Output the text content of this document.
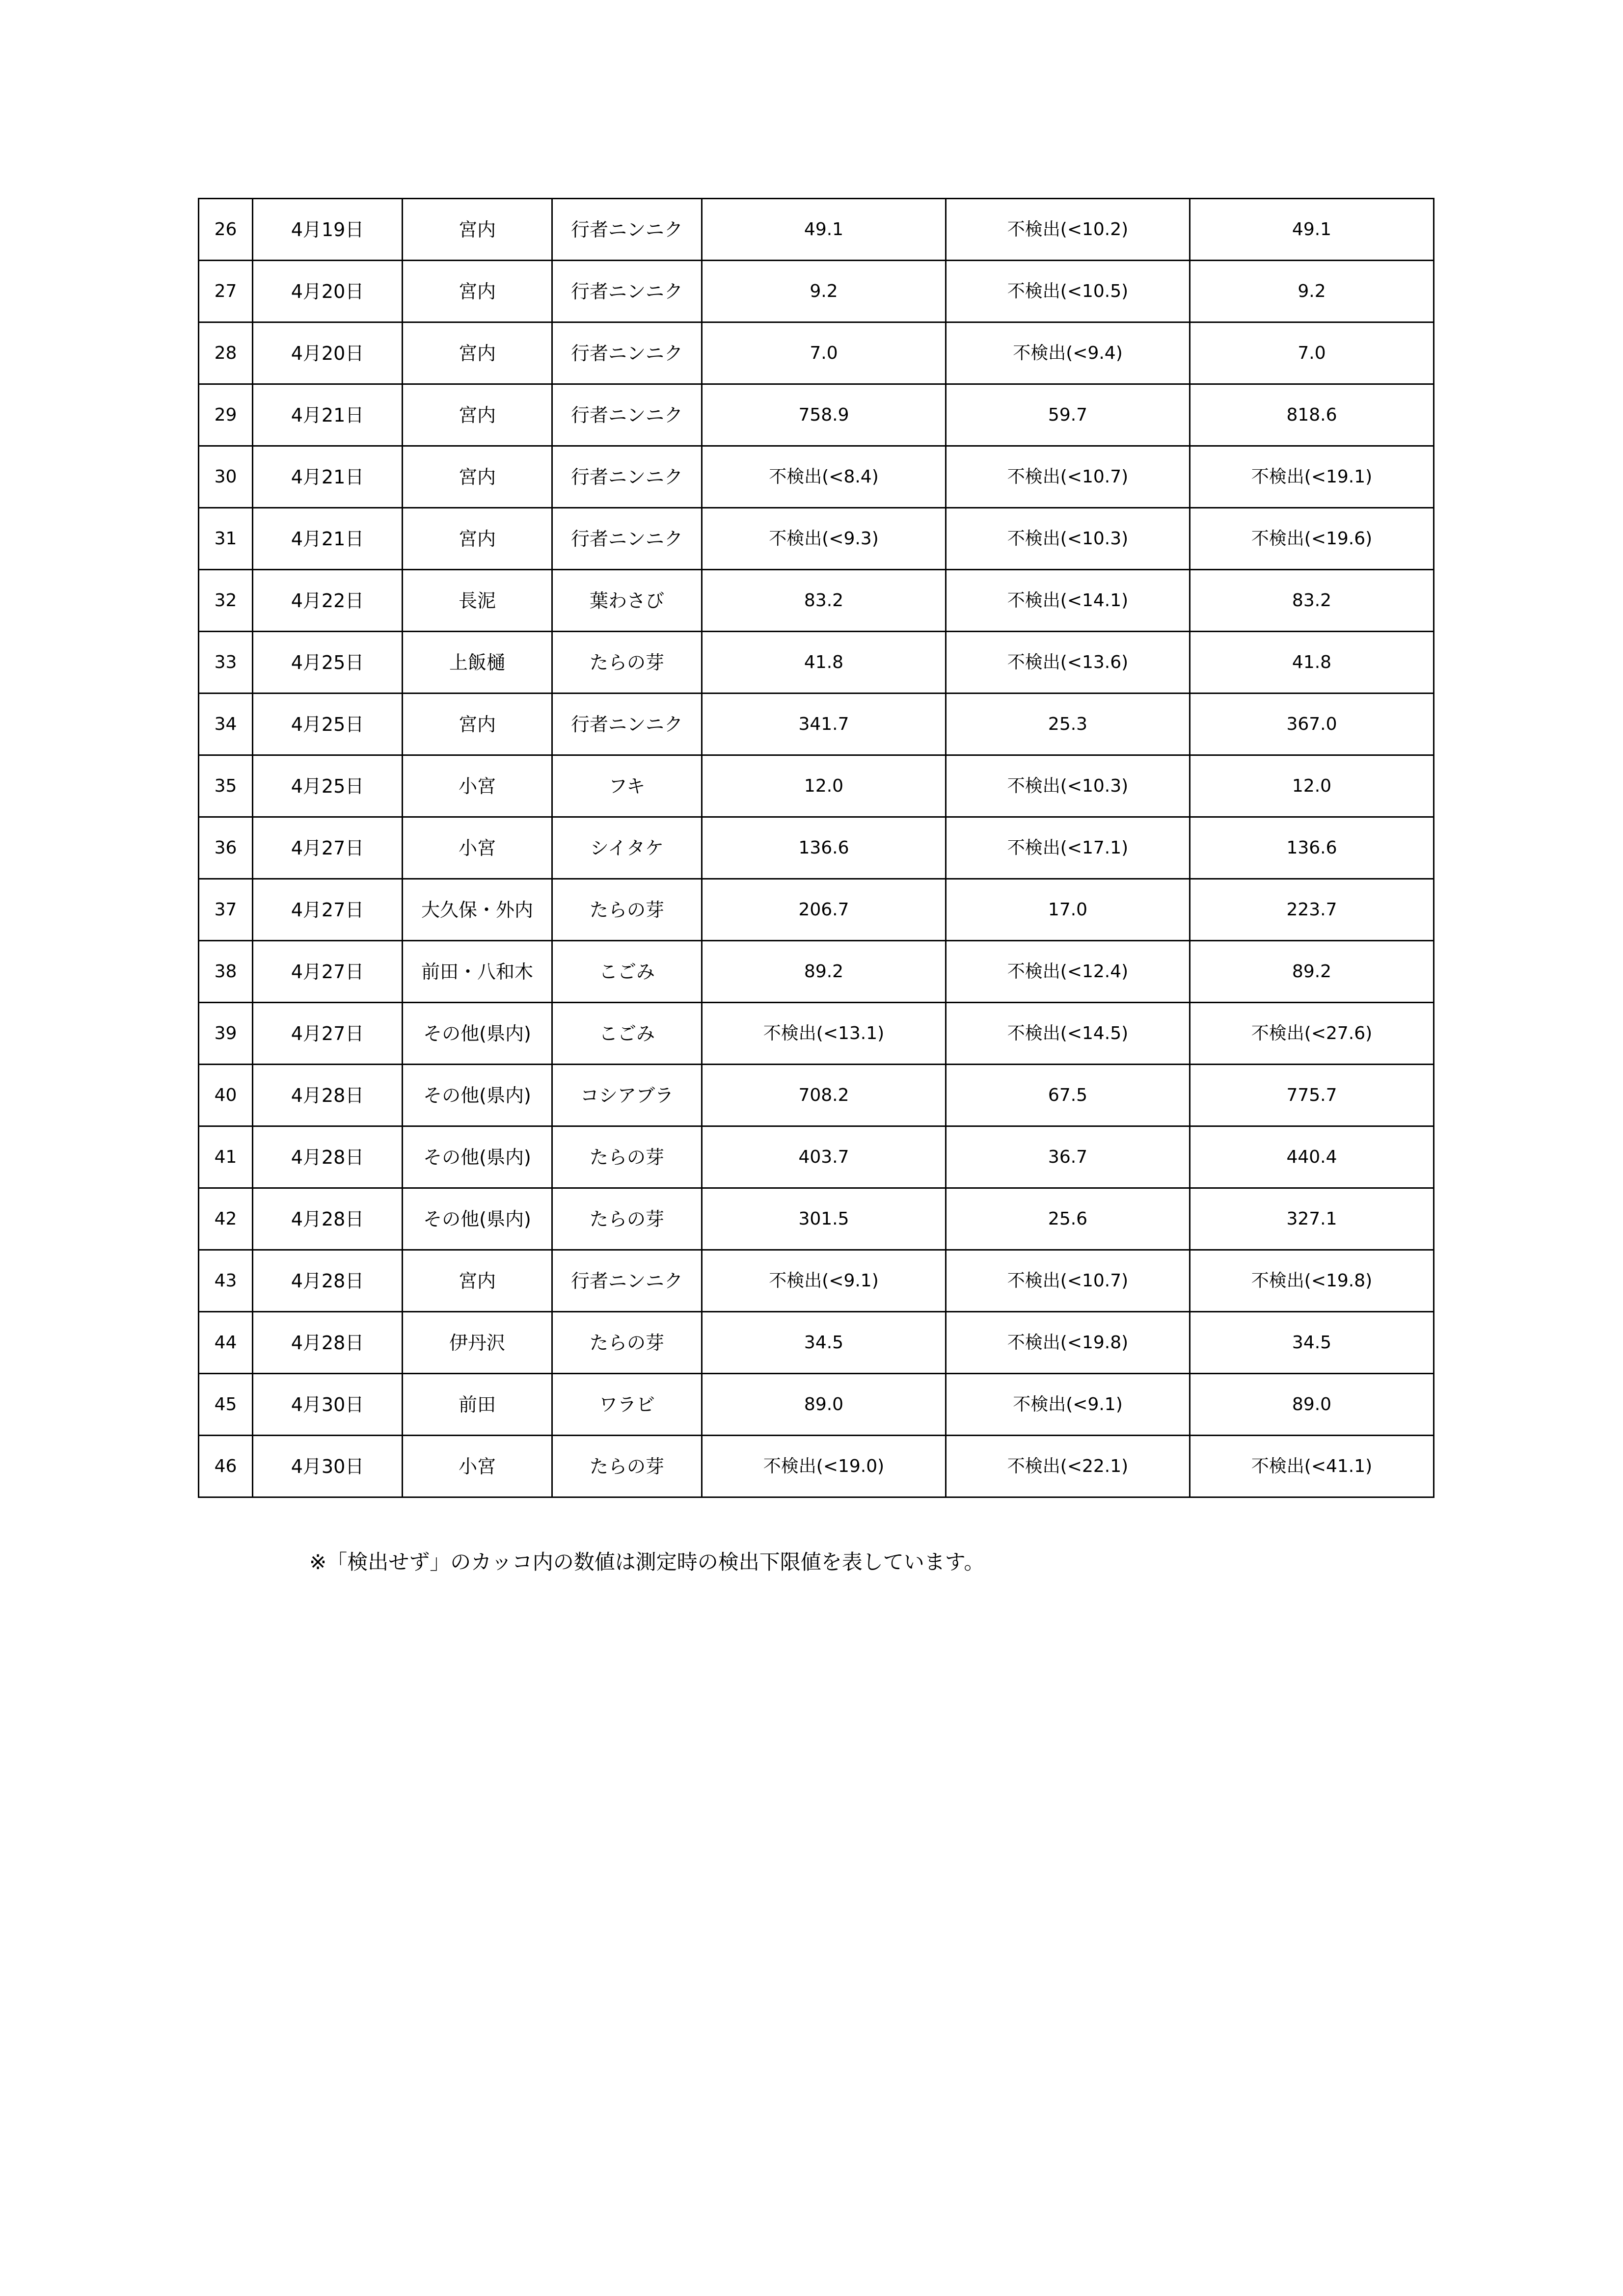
26	4月19日	宮内	行者ニンニク	49.1	不検出(<10.2)	49.1
27	4月20日	宮内	行者ニンニク	9.2	不検出(<10.5)	9.2
28	4月20日	宮内	行者ニンニク	7.0	不検出(<9.4)	7.0
29	4月21日	宮内	行者ニンニク	758.9	59.7	818.6
30	4月21日	宮内	行者ニンニク	不検出(<8.4)	不検出(<10.7)	不検出(<19.1)
31	4月21日	宮内	行者ニンニク	不検出(<9.3)	不検出(<10.3)	不検出(<19.6)
32	4月22日	長泥	葉わさび	83.2	不検出(<14.1)	83.2
33	4月25日	上飯樋	たらの芽	41.8	不検出(<13.6)	41.8
34	4月25日	宮内	行者ニンニク	341.7	25.3	367.0
35	4月25日	小宮	フキ	12.0	不検出(<10.3)	12.0
36	4月27日	小宮	シイタケ	136.6	不検出(<17.1)	136.6
37	4月27日	大久保・外内	たらの芽	206.7	17.0	223.7
38	4月27日	前田・八和木	こごみ	89.2	不検出(<12.4)	89.2
39	4月27日	その他(県内)	こごみ	不検出(<13.1)	不検出(<14.5)	不検出(<27.6)
40	4月28日	その他(県内)	コシアブラ	708.2	67.5	775.7
41	4月28日	その他(県内)	たらの芽	403.7	36.7	440.4
42	4月28日	その他(県内)	たらの芽	301.5	25.6	327.1
43	4月28日	宮内	行者ニンニク	不検出(<9.1)	不検出(<10.7)	不検出(<19.8)
44	4月28日	伊丹沢	たらの芽	34.5	不検出(<19.8)	34.5
45	4月30日	前田	ワラビ	89.0	不検出(<9.1)	89.0
46	4月30日	小宮	たらの芽	不検出(<19.0)	不検出(<22.1)	不検出(<41.1)
※「検出せず」のカッコ内の数値は測定時の検出下限値を表しています。
